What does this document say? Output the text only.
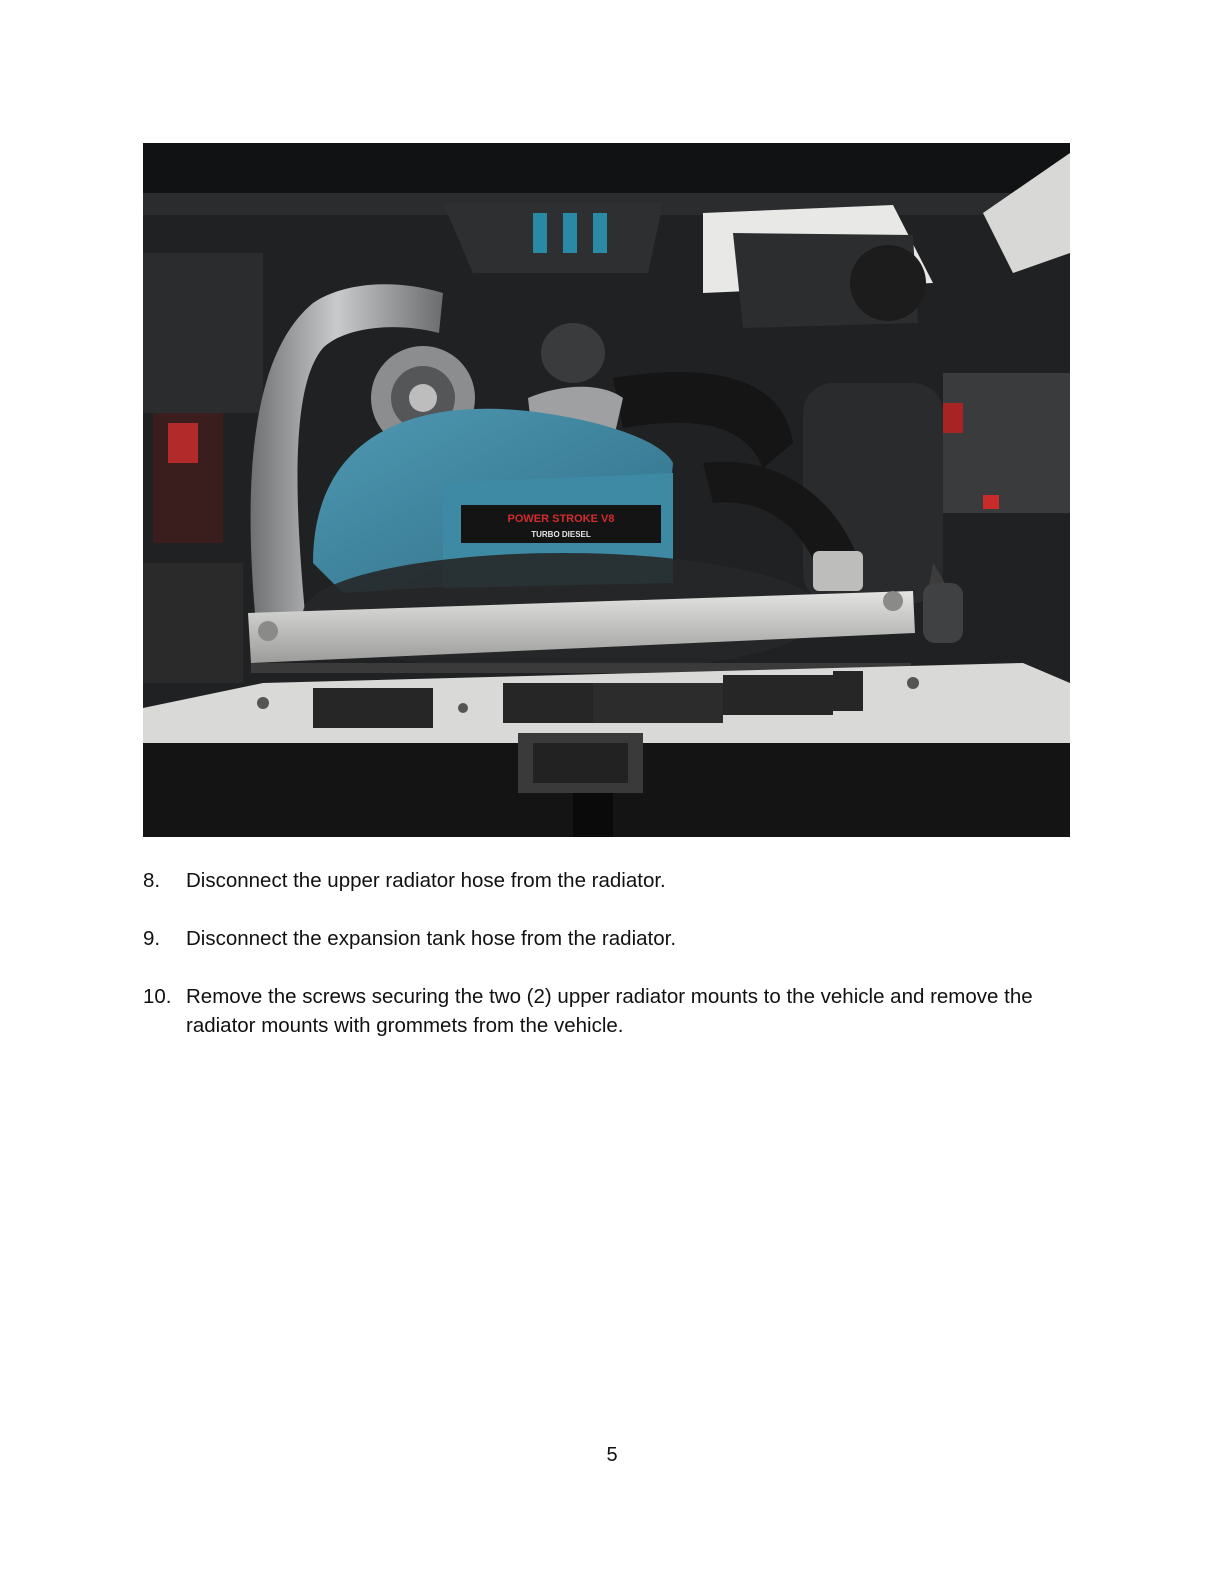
POWER STROKE V8
TURBO DIESEL
8. Disconnect the upper radiator hose from the radiator.
9. Disconnect the expansion tank hose from the radiator.
10. Remove the screws securing the two (2) upper radiator mounts to the vehicle and remove the radiator mounts with grommets from the vehicle.
5
